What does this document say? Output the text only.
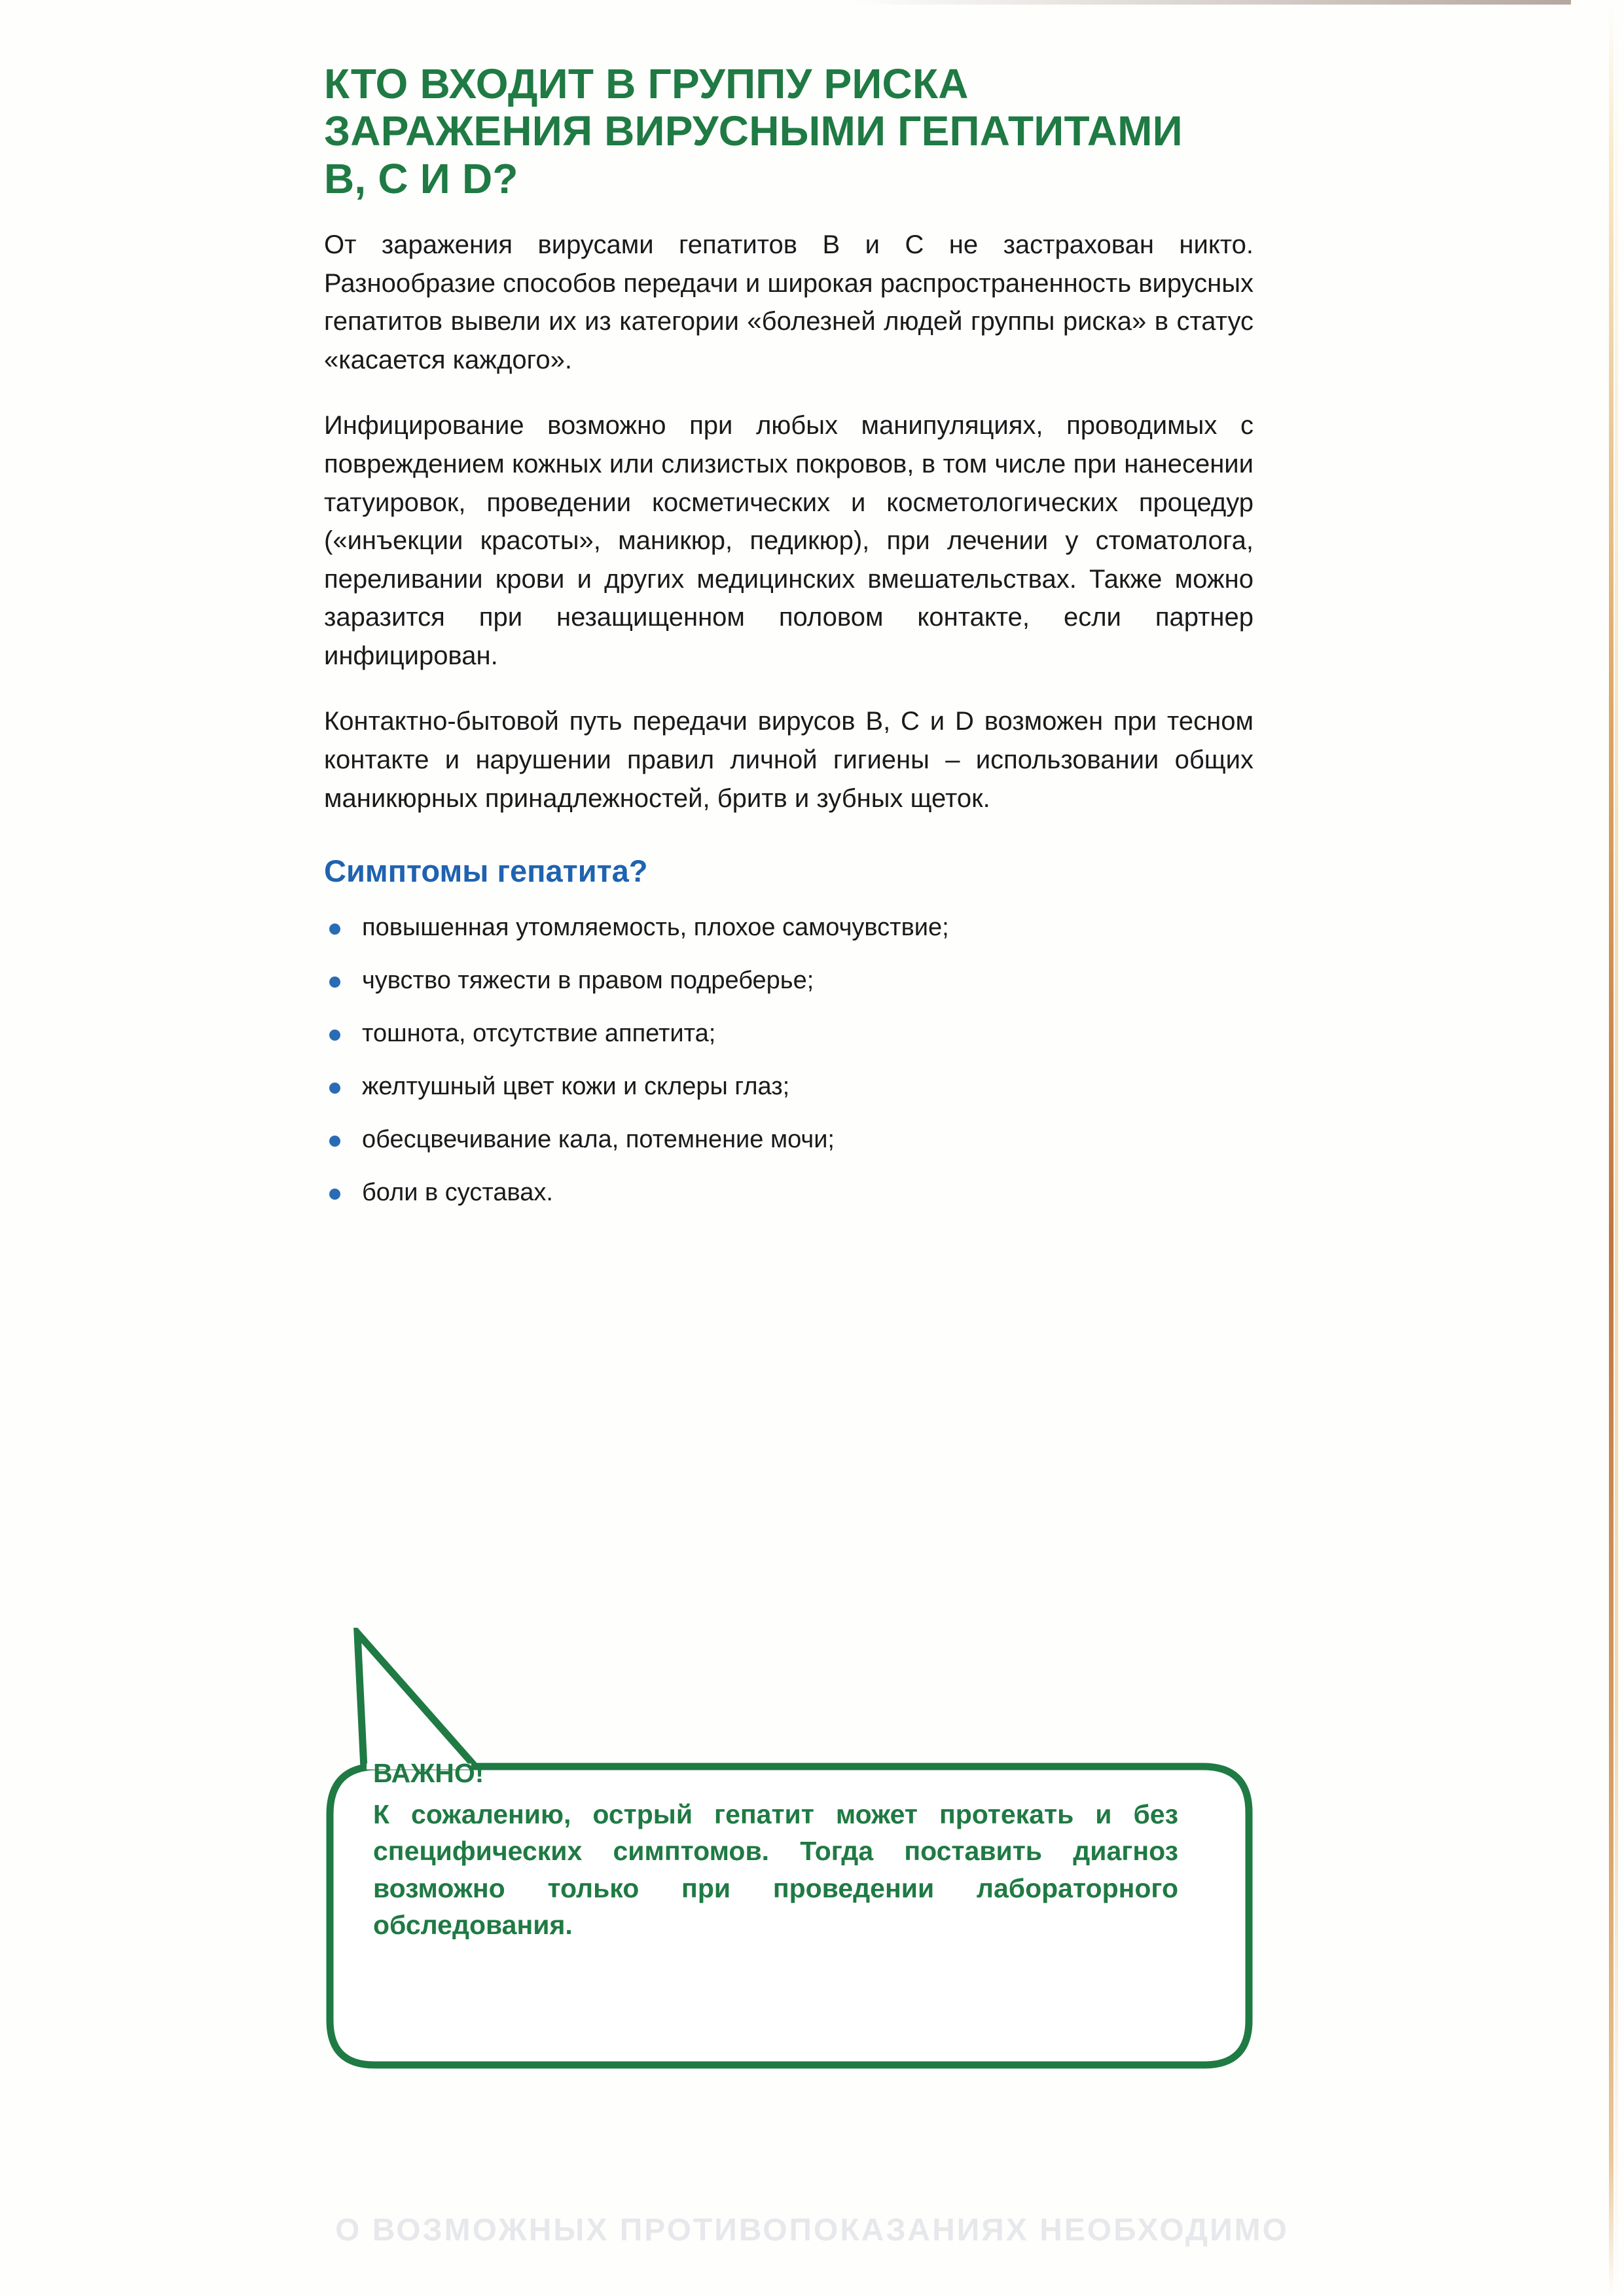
КТО ВХОДИТ В ГРУППУ РИСКА ЗАРАЖЕНИЯ ВИРУСНЫМИ ГЕПАТИТАМИ B, C И D?

От заражения вирусами гепатитов B и C не застрахован никто. Разнообразие способов передачи и широкая распространенность вирусных гепатитов вывели их из категории «болезней людей группы риска» в статус «касается каждого».

Инфицирование возможно при любых манипуляциях, проводимых с повреждением кожных или слизистых покровов, в том числе при нанесении татуировок, проведении косметических и косметологических процедур («инъекции красоты», маникюр, педикюр), при лечении у стоматолога, переливании крови и других медицинских вмешательствах. Также можно заразится при незащищенном половом контакте, если партнер инфицирован.

Контактно-бытовой путь передачи вирусов B, C и D возможен при тесном контакте и нарушении правил личной гигиены – использовании общих маникюрных принадлежностей, бритв и зубных щеток.

Симптомы гепатита?
повышенная утомляемость, плохое самочувствие;
чувство тяжести в правом подреберье;
тошнота, отсутствие аппетита;
желтушный цвет кожи и склеры глаз;
обесцвечивание кала, потемнение мочи;
боли в суставах.

ВАЖНО!

К сожалению, острый гепатит может протекать и без специфических симптомов. Тогда поставить диагноз возможно только при проведении лабораторного обследования.

О ВОЗМОЖНЫХ ПРОТИВОПОКАЗАНИЯХ НЕОБХОДИМО
